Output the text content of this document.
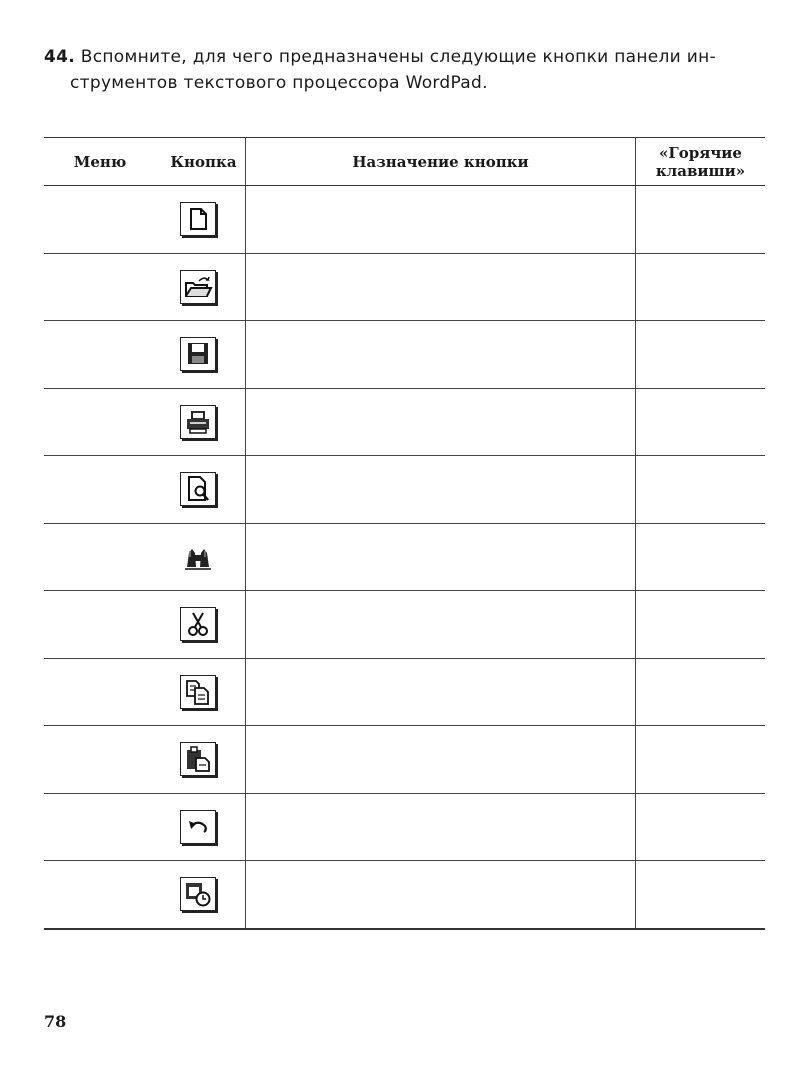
44. Вспомните, для чего предназначены следующие кнопки панели ин-
струментов текстового процессора WordPad.
Меню	Кнопка	Назначение кнопки	«Горячие
клавиши»

78
